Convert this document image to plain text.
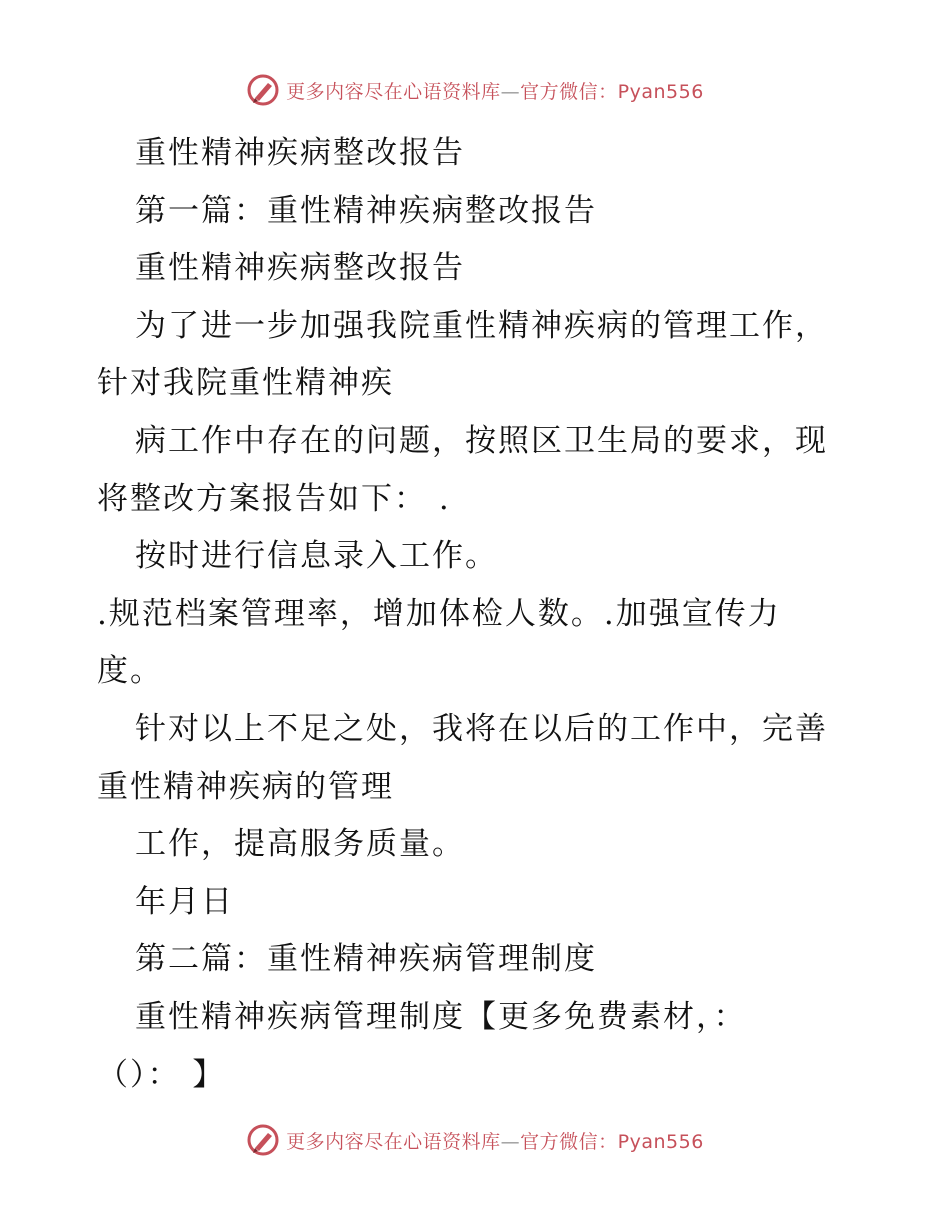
更多内容尽在心语资料库—官方微信：Pyan556
重性精神疾病整改报告
第一篇：重性精神疾病整改报告
重性精神疾病整改报告
为了进一步加强我院重性精神疾病的管理工作，
针对我院重性精神疾
病工作中存在的问题，按照区卫生局的要求，现
将整改方案报告如下： .
按时进行信息录入工作。
.规范档案管理率，增加体检人数。.加强宣传力
度。
针对以上不足之处，我将在以后的工作中，完善
重性精神疾病的管理
工作，提高服务质量。
年月日
第二篇：重性精神疾病管理制度
重性精神疾病管理制度【更多免费素材，：
（）： 】
更多内容尽在心语资料库—官方微信：Pyan556
